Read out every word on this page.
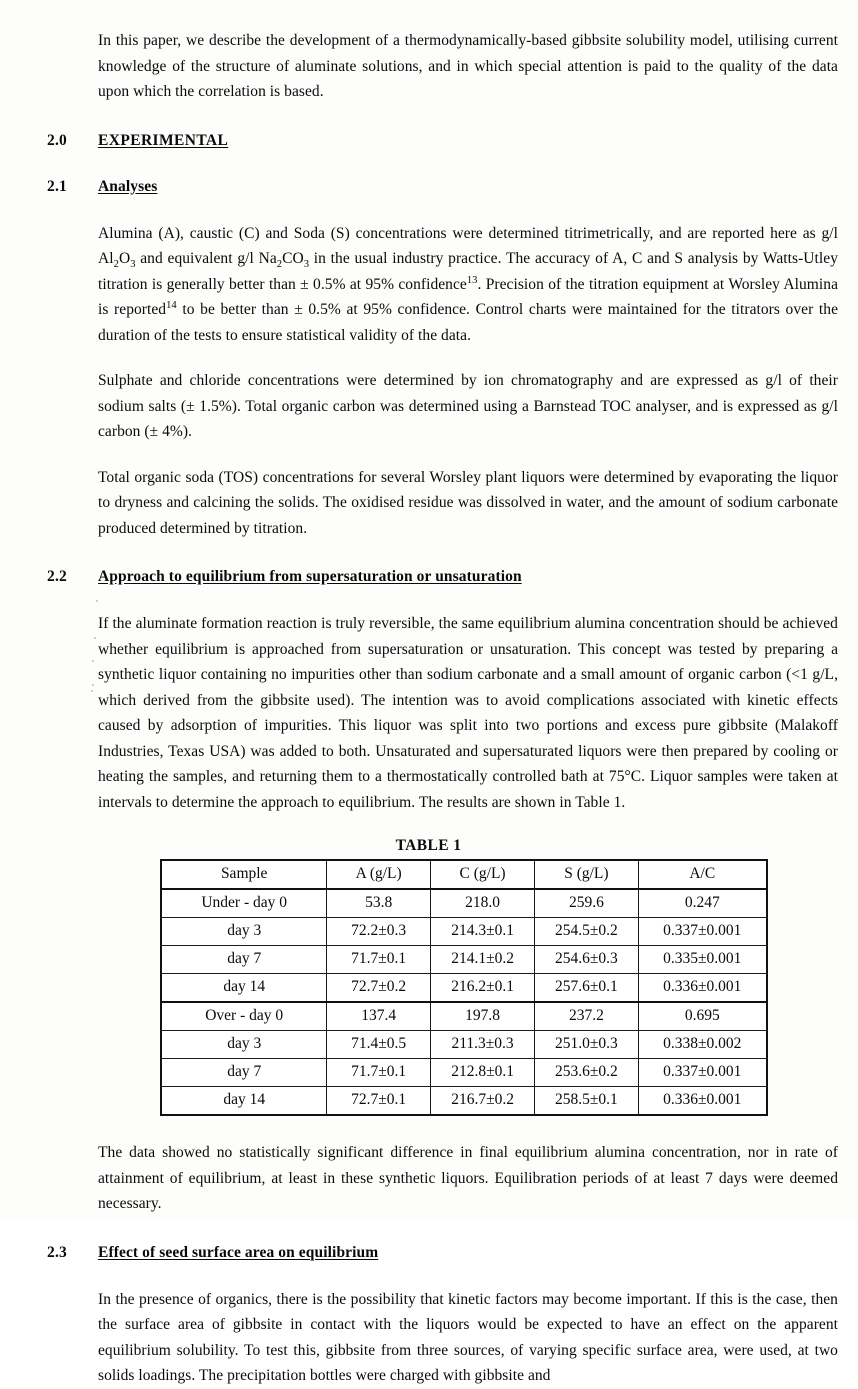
In this paper, we describe the development of a thermodynamically-based gibbsite solubility model, utilising current knowledge of the structure of aluminate solutions, and in which special attention is paid to the quality of the data upon which the correlation is based.

2.0	EXPERIMENTAL
2.1	Analyses

Alumina (A), caustic (C) and Soda (S) concentrations were determined titrimetrically, and are reported here as g/l $Al_2O_3$ and equivalent g/l $Na_2CO_3$ in the usual industry practice. The accuracy of A, C and S analysis by Watts-Utley titration is generally better than ± 0.5% at 95% confidence$^{13}$. Precision of the titration equipment at Worsley Alumina is reported$^{14}$ to be better than ± 0.5% at 95% confidence. Control charts were maintained for the titrators over the duration of the tests to ensure statistical validity of the data.

Sulphate and chloride concentrations were determined by ion chromatography and are expressed as g/l of their sodium salts (± 1.5%). Total organic carbon was determined using a Barnstead TOC analyser, and is expressed as g/l carbon (± 4%).

Total organic soda (TOS) concentrations for several Worsley plant liquors were determined by evaporating the liquor to dryness and calcining the solids. The oxidised residue was dissolved in water, and the amount of sodium carbonate produced determined by titration.

2.2	Approach to equilibrium from supersaturation or unsaturation

If the aluminate formation reaction is truly reversible, the same equilibrium alumina concentration should be achieved whether equilibrium is approached from supersaturation or unsaturation. This concept was tested by preparing a synthetic liquor containing no impurities other than sodium carbonate and a small amount of organic carbon (<1 g/L, which derived from the gibbsite used). The intention was to avoid complications associated with kinetic effects caused by adsorption of impurities. This liquor was split into two portions and excess pure gibbsite (Malakoff Industries, Texas USA) was added to both. Unsaturated and supersaturated liquors were then prepared by cooling or heating the samples, and returning them to a thermostatically controlled bath at 75°C. Liquor samples were taken at intervals to determine the approach to equilibrium. The results are shown in Table 1.

TABLE 1
Sample	A (g/L)	C (g/L)	S (g/L)	A/C
Under - day 0	53.8	218.0	259.6	0.247
day 3	72.2±0.3	214.3±0.1	254.5±0.2	0.337±0.001
day 7	71.7±0.1	214.1±0.2	254.6±0.3	0.335±0.001
day 14	72.7±0.2	216.2±0.1	257.6±0.1	0.336±0.001
Over - day 0	137.4	197.8	237.2	0.695
day 3	71.4±0.5	211.3±0.3	251.0±0.3	0.338±0.002
day 7	71.7±0.1	212.8±0.1	253.6±0.2	0.337±0.001
day 14	72.7±0.1	216.7±0.2	258.5±0.1	0.336±0.001

The data showed no statistically significant difference in final equilibrium alumina concentration, nor in rate of attainment of equilibrium, at least in these synthetic liquors. Equilibration periods of at least 7 days were deemed necessary.

2.3	Effect of seed surface area on equilibrium

In the presence of organics, there is the possibility that kinetic factors may become important. If this is the case, then the surface area of gibbsite in contact with the liquors would be expected to have an effect on the apparent equilibrium solubility. To test this, gibbsite from three sources, of varying specific surface area, were used, at two solids loadings. The precipitation bottles were charged with gibbsite and
